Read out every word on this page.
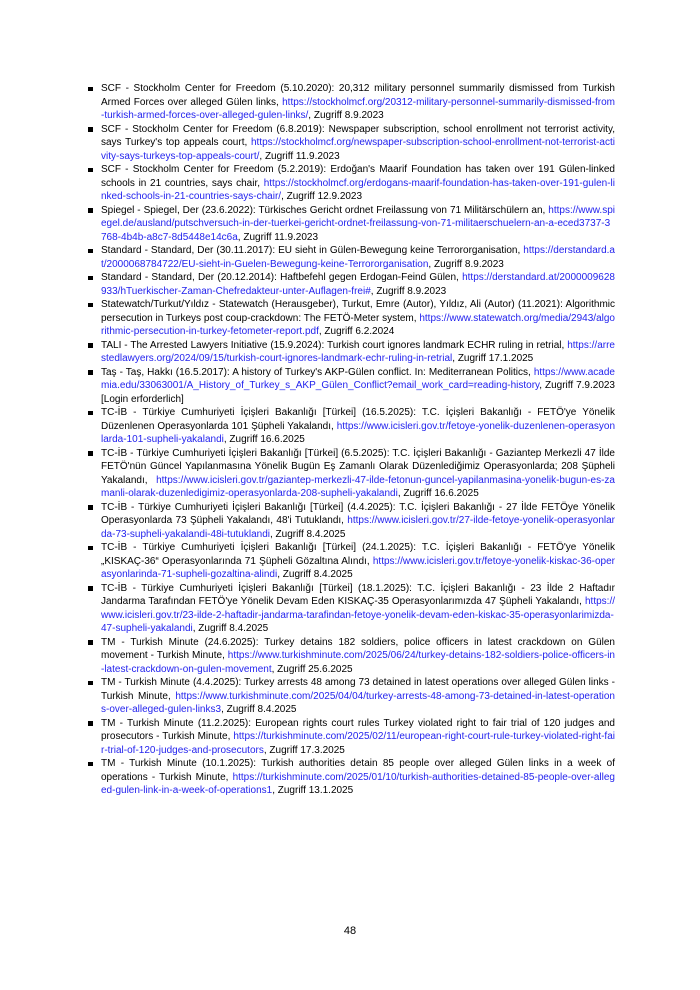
SCF - Stockholm Center for Freedom (5.10.2020): 20,312 military personnel summarily dismissed from Turkish Armed Forces over alleged Gülen links, https://stockholmcf.org/20312-military-personnel-summarily-dismissed-from-turkish-armed-forces-over-alleged-gulen-links/, Zugriff 8.9.2023
SCF - Stockholm Center for Freedom (6.8.2019): Newspaper subscription, school enrollment not terrorist activity, says Turkey's top appeals court, https://stockholmcf.org/newspaper-subscription-school-enrollment-not-terrorist-activity-says-turkeys-top-appeals-court/, Zugriff 11.9.2023
SCF - Stockholm Center for Freedom (5.2.2019): Erdoğan's Maarif Foundation has taken over 191 Gülen-linked schools in 21 countries, says chair, https://stockholmcf.org/erdogans-maarif-foundation-has-taken-over-191-gulen-linked-schools-in-21-countries-says-chair/, Zugriff 12.9.2023
Spiegel - Spiegel, Der (23.6.2022): Türkisches Gericht ordnet Freilassung von 71 Militärschülern an, https://www.spiegel.de/ausland/putschversuch-in-der-tuerkei-gericht-ordnet-freilassung-von-71-militaerschuelern-an-a-eced3737-3768-4b4b-a8c7-8d5448e14c6a, Zugriff 11.9.2023
Standard - Standard, Der (30.11.2017): EU sieht in Gülen-Bewegung keine Terrororganisation, https://derstandard.at/2000068784722/EU-sieht-in-Guelen-Bewegung-keine-Terrororganisation, Zugriff 8.9.2023
Standard - Standard, Der (20.12.2014): Haftbefehl gegen Erdogan-Feind Gülen, https://derstandard.at/2000009628933/hTuerkischer-Zaman-Chefredakteur-unter-Auflagen-frei#, Zugriff 8.9.2023
Statewatch/Turkut/Yıldız - Statewatch (Herausgeber), Turkut, Emre (Autor), Yıldız, Ali (Autor) (11.2021): Algorithmic persecution in Turkeys post coup-crackdown: The FETÖ-Meter system, https://www.statewatch.org/media/2943/algorithmic-persecution-in-turkey-fetometer-report.pdf, Zugriff 6.2.2024
TALI - The Arrested Lawyers Initiative (15.9.2024): Turkish court ignores landmark ECHR ruling in retrial, https://arrestedlawyers.org/2024/09/15/turkish-court-ignores-landmark-echr-ruling-in-retrial, Zugriff 17.1.2025
Taş - Taş, Hakkı (16.5.2017): A history of Turkey's AKP-Gülen conflict. In: Mediterranean Politics, https://www.academia.edu/33063001/A_History_of_Turkey_s_AKP_Gülen_Conflict?email_work_card=reading-history, Zugriff 7.9.2023 [Login erforderlich]
TC-İB - Türkiye Cumhuriyeti İçişleri Bakanlığı [Türkei] (16.5.2025): T.C. İçişleri Bakanlığı - FETÖ'ye Yönelik Düzenlenen Operasyonlarda 101 Şüpheli Yakalandı, https://www.icisleri.gov.tr/fetoye-yonelik-duzenlenen-operasyonlarda-101-supheli-yakalandi, Zugriff 16.6.2025
TC-İB - Türkiye Cumhuriyeti İçişleri Bakanlığı [Türkei] (6.5.2025): T.C. İçişleri Bakanlığı - Gaziantep Merkezli 47 İlde FETÖ'nün Güncel Yapılanmasına Yönelik Bugün Eş Zamanlı Olarak Düzenlediğimiz Operasyonlarda; 208 Şüpheli Yakalandı, https://www.icisleri.gov.tr/gaziantep-merkezli-47-ilde-fetonun-guncel-yapilanmasina-yonelik-bugun-es-zamanli-olarak-duzenledigimiz-operasyonlarda-208-supheli-yakalandi, Zugriff 16.6.2025
TC-İB - Türkiye Cumhuriyeti İçişleri Bakanlığı [Türkei] (4.4.2025): T.C. İçişleri Bakanlığı - 27 İlde FETÖye Yönelik Operasyonlarda 73 Şüpheli Yakalandı, 48'i Tutuklandı, https://www.icisleri.gov.tr/27-ilde-fetoye-yonelik-operasyonlarda-73-supheli-yakalandi-48i-tutuklandi, Zugriff 8.4.2025
TC-İB - Türkiye Cumhuriyeti İçişleri Bakanlığı [Türkei] (24.1.2025): T.C. İçişleri Bakanlığı - FETÖ'ye Yönelik „KISKAÇ-36“ Operasyonlarında 71 Şüpheli Gözaltına Alındı, https://www.icisleri.gov.tr/fetoye-yonelik-kiskac-36-operasyonlarinda-71-supheli-gozaltina-alindi, Zugriff 8.4.2025
TC-İB - Türkiye Cumhuriyeti İçişleri Bakanlığı [Türkei] (18.1.2025): T.C. İçişleri Bakanlığı - 23 İlde 2 Haftadır Jandarma Tarafından FETÖ'ye Yönelik Devam Eden KISKAÇ-35 Operasyonlarımızda 47 Şüpheli Yakalandı, https://www.icisleri.gov.tr/23-ilde-2-haftadir-jandarma-tarafindan-fetoye-yonelik-devam-eden-kiskac-35-operasyonlarimizda-47-supheli-yakalandi, Zugriff 8.4.2025
TM - Turkish Minute (24.6.2025): Turkey detains 182 soldiers, police officers in latest crackdown on Gülen movement - Turkish Minute, https://www.turkishminute.com/2025/06/24/turkey-detains-182-soldiers-police-officers-in-latest-crackdown-on-gulen-movement, Zugriff 25.6.2025
TM - Turkish Minute (4.4.2025): Turkey arrests 48 among 73 detained in latest operations over alleged Gülen links - Turkish Minute, https://www.turkishminute.com/2025/04/04/turkey-arrests-48-among-73-detained-in-latest-operations-over-alleged-gulen-links3, Zugriff 8.4.2025
TM - Turkish Minute (11.2.2025): European rights court rules Turkey violated right to fair trial of 120 judges and prosecutors - Turkish Minute, https://turkishminute.com/2025/02/11/european-right-court-rule-turkey-violated-right-fair-trial-of-120-judges-and-prosecutors, Zugriff 17.3.2025
TM - Turkish Minute (10.1.2025): Turkish authorities detain 85 people over alleged Gülen links in a week of operations - Turkish Minute, https://turkishminute.com/2025/01/10/turkish-authorities-detained-85-people-over-alleged-gulen-link-in-a-week-of-operations1, Zugriff 13.1.2025
48
